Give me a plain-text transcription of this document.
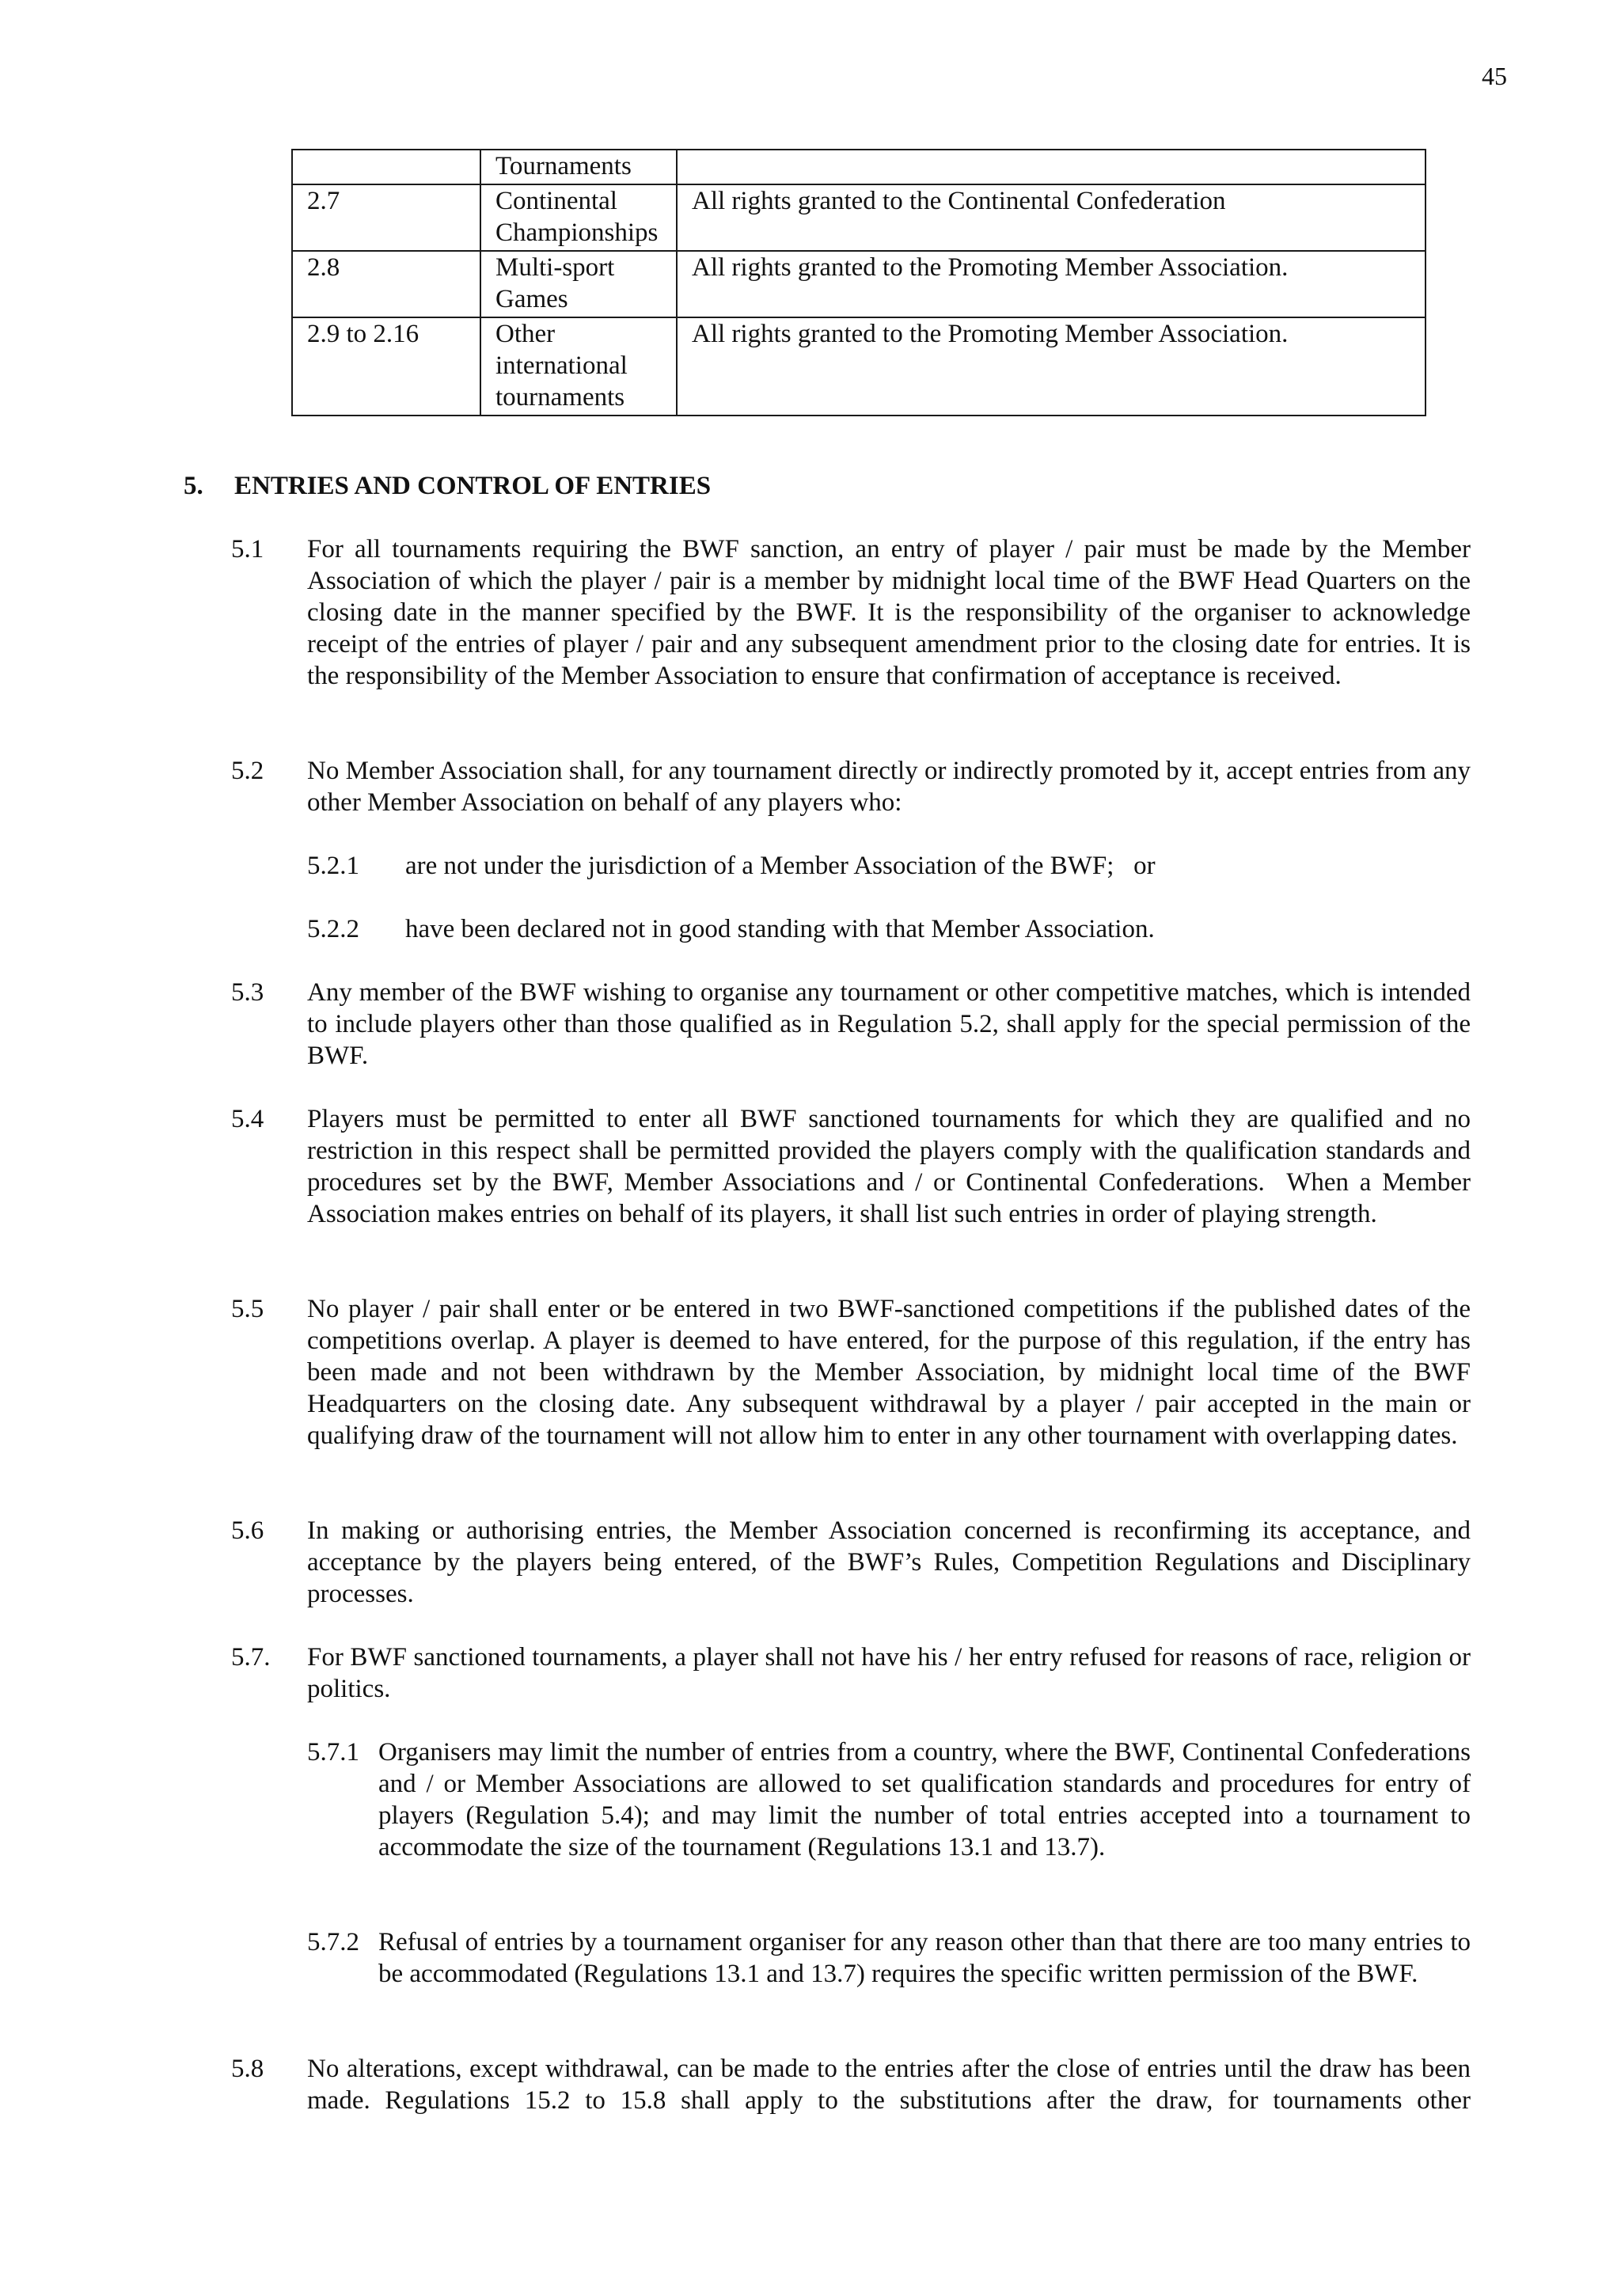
45
	Tournaments	
2.7	Continental Championships	All rights granted to the Continental Confederation
2.8	Multi-sport Games	All rights granted to the Promoting Member Association.
2.9 to 2.16	Other international tournaments	All rights granted to the Promoting Member Association.
5. ENTRIES AND CONTROL OF ENTRIES
5.1 For all tournaments requiring the BWF sanction, an entry of player / pair must be made by the Member Association of which the player / pair is a member by midnight local time of the BWF Head Quarters on the closing date in the manner specified by the BWF. It is the responsibility of the organiser to acknowledge receipt of the entries of player / pair and any subsequent amendment prior to the closing date for entries. It is the responsibility of the Member Association to ensure that confirmation of acceptance is received.
5.2 No Member Association shall, for any tournament directly or indirectly promoted by it, accept entries from any other Member Association on behalf of any players who:
5.2.1 are not under the jurisdiction of a Member Association of the BWF;   or
5.2.2 have been declared not in good standing with that Member Association.
5.3 Any member of the BWF wishing to organise any tournament or other competitive matches, which is intended to include players other than those qualified as in Regulation 5.2, shall apply for the special permission of the BWF.
5.4 Players must be permitted to enter all BWF sanctioned tournaments for which they are qualified and no restriction in this respect shall be permitted provided the players comply with the qualification standards and procedures set by the BWF, Member Associations and / or Continental Confederations.  When a Member Association makes entries on behalf of its players, it shall list such entries in order of playing strength.
5.5 No player / pair shall enter or be entered in two BWF-sanctioned competitions if the published dates of the competitions overlap. A player is deemed to have entered, for the purpose of this regulation, if the entry has been made and not been withdrawn by the Member Association, by midnight local time of the BWF Headquarters on the closing date. Any subsequent withdrawal by a player / pair accepted in the main or qualifying draw of the tournament will not allow him to enter in any other tournament with overlapping dates.
5.6 In making or authorising entries, the Member Association concerned is reconfirming its acceptance, and acceptance by the players being entered, of the BWF’s Rules, Competition Regulations and Disciplinary processes.
5.7. For BWF sanctioned tournaments, a player shall not have his / her entry refused for reasons of race, religion or politics.
5.7.1 Organisers may limit the number of entries from a country, where the BWF, Continental Confederations and / or Member Associations are allowed to set qualification standards and procedures for entry of players (Regulation 5.4); and may limit the number of total entries accepted into a tournament to accommodate the size of the tournament (Regulations 13.1 and 13.7).
5.7.2 Refusal of entries by a tournament organiser for any reason other than that there are too many entries to be accommodated (Regulations 13.1 and 13.7) requires the specific written permission of the BWF.
5.8 No alterations, except withdrawal, can be made to the entries after the close of entries until the draw has been made. Regulations 15.2 to 15.8 shall apply to the substitutions after the draw, for tournaments other
